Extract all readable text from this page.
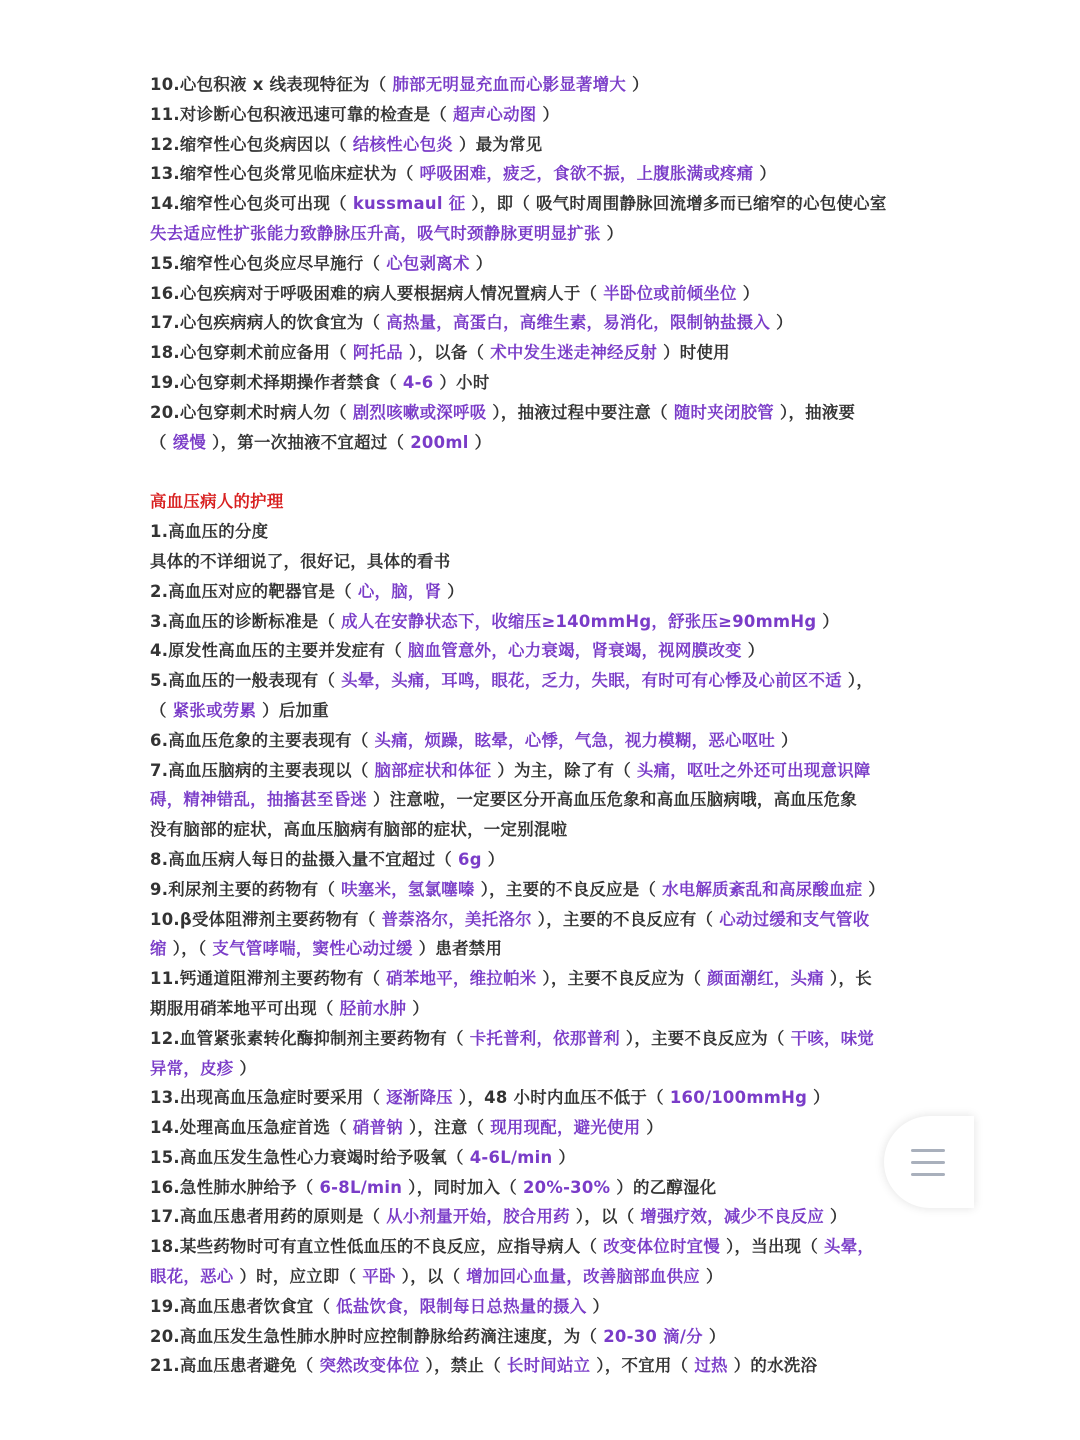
10.心包积液 x 线表现特征为（ 肺部无明显充血而心影显著增大 ）
11.对诊断心包积液迅速可靠的检查是（ 超声心动图 ）
12.缩窄性心包炎病因以（ 结核性心包炎 ）最为常见
13.缩窄性心包炎常见临床症状为（ 呼吸困难，疲乏，食欲不振，上腹胀满或疼痛 ）
14.缩窄性心包炎可出现（ kussmaul 征 ），即（ 吸气时周围静脉回流增多而已缩窄的心包使心室
失去适应性扩张能力致静脉压升高，吸气时颈静脉更明显扩张 ）
15.缩窄性心包炎应尽早施行（ 心包剥离术 ）
16.心包疾病对于呼吸困难的病人要根据病人情况置病人于（ 半卧位或前倾坐位 ）
17.心包疾病病人的饮食宜为（ 高热量，高蛋白，高维生素，易消化，限制钠盐摄入 ）
18.心包穿刺术前应备用（ 阿托品 ），以备（ 术中发生迷走神经反射 ）时使用
19.心包穿刺术择期操作者禁食（ 4-6 ）小时
20.心包穿刺术时病人勿（ 剧烈咳嗽或深呼吸 ），抽液过程中要注意（ 随时夹闭胶管 ），抽液要
（ 缓慢 ），第一次抽液不宜超过（ 200ml ）
高血压病人的护理
1.高血压的分度
具体的不详细说了，很好记，具体的看书
2.高血压对应的靶器官是（ 心，脑，肾 ）
3.高血压的诊断标准是（ 成人在安静状态下，收缩压≥140mmHg，舒张压≥90mmHg ）
4.原发性高血压的主要并发症有（ 脑血管意外，心力衰竭，肾衰竭，视网膜改变 ）
5.高血压的一般表现有（ 头晕，头痛，耳鸣，眼花，乏力，失眠，有时可有心悸及心前区不适 ），
（ 紧张或劳累 ）后加重
6.高血压危象的主要表现有（ 头痛，烦躁，眩晕，心悸，气急，视力模糊，恶心呕吐 ）
7.高血压脑病的主要表现以（ 脑部症状和体征 ）为主，除了有（ 头痛，呕吐之外还可出现意识障
碍，精神错乱，抽搐甚至昏迷 ）注意啦，一定要区分开高血压危象和高血压脑病哦，高血压危象
没有脑部的症状，高血压脑病有脑部的症状，一定别混啦
8.高血压病人每日的盐摄入量不宜超过（ 6g ）
9.利尿剂主要的药物有（ 呋塞米，氢氯噻嗪 ），主要的不良反应是（ 水电解质紊乱和高尿酸血症 ）
10.β受体阻滞剂主要药物有（ 普萘洛尔，美托洛尔 ），主要的不良反应有（ 心动过缓和支气管收
缩 ），（ 支气管哮喘，窦性心动过缓 ）患者禁用
11.钙通道阻滞剂主要药物有（ 硝苯地平，维拉帕米 ），主要不良反应为（ 颜面潮红，头痛 ），长
期服用硝苯地平可出现（ 胫前水肿 ）
12.血管紧张素转化酶抑制剂主要药物有（ 卡托普利，依那普利 ），主要不良反应为（ 干咳，味觉
异常，皮疹 ）
13.出现高血压急症时要采用（ 逐渐降压 ），48 小时内血压不低于（ 160/100mmHg ）
14.处理高血压急症首选（ 硝普钠 ），注意（ 现用现配，避光使用 ）
15.高血压发生急性心力衰竭时给予吸氧（ 4-6L/min ）
16.急性肺水肿给予（ 6-8L/min ），同时加入（ 20%-30% ）的乙醇湿化
17.高血压患者用药的原则是（ 从小剂量开始，胶合用药 ），以（ 增强疗效，减少不良反应 ）
18.某些药物时可有直立性低血压的不良反应，应指导病人（ 改变体位时宜慢 ），当出现（ 头晕，
眼花，恶心 ）时，应立即（ 平卧 ），以（ 增加回心血量，改善脑部血供应 ）
19.高血压患者饮食宜（ 低盐饮食，限制每日总热量的摄入 ）
20.高血压发生急性肺水肿时应控制静脉给药滴注速度，为（ 20-30 滴/分 ）
21.高血压患者避免（ 突然改变体位 ），禁止（ 长时间站立 ），不宜用（ 过热 ）的水洗浴
